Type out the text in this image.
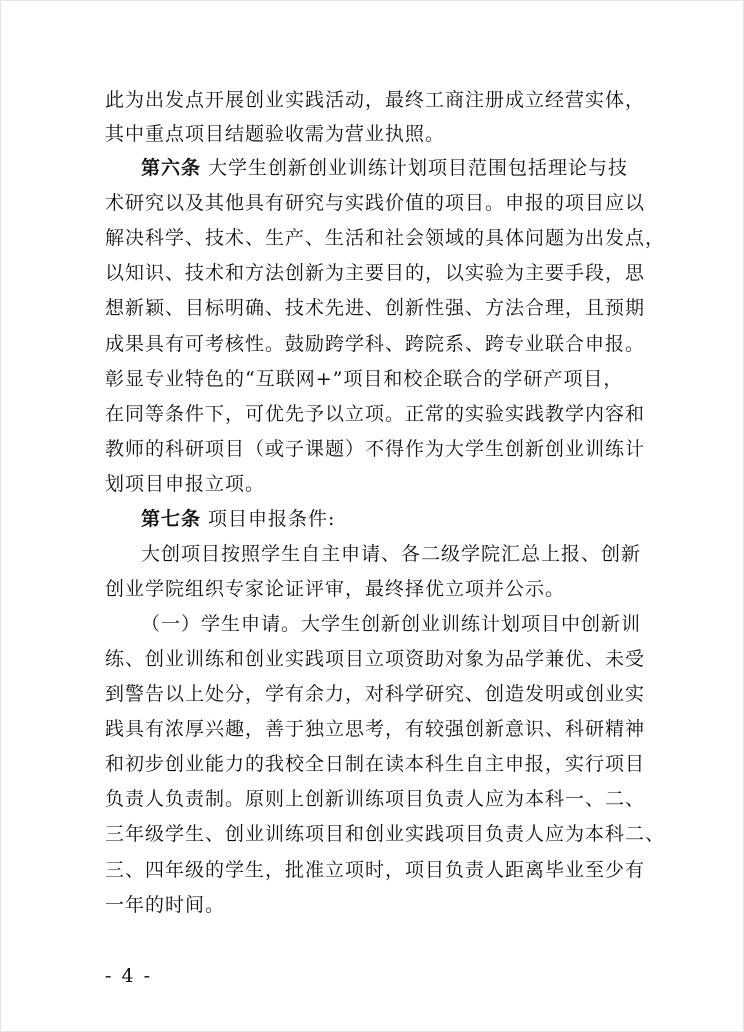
此为出发点开展创业实践活动，最终工商注册成立经营实体，
其中重点项目结题验收需为营业执照。
第六条 大学生创新创业训练计划项目范围包括理论与技
术研究以及其他具有研究与实践价值的项目。申报的项目应以
解决科学、技术、生产、生活和社会领域的具体问题为出发点，
以知识、技术和方法创新为主要目的，以实验为主要手段，思
想新颖、目标明确、技术先进、创新性强、方法合理，且预期
成果具有可考核性。鼓励跨学科、跨院系、跨专业联合申报。
彰显专业特色的“互联网+”项目和校企联合的学研产项目，
在同等条件下，可优先予以立项。正常的实验实践教学内容和
教师的科研项目（或子课题）不得作为大学生创新创业训练计
划项目申报立项。
第七条 项目申报条件:
大创项目按照学生自主申请、各二级学院汇总上报、创新
创业学院组织专家论证评审，最终择优立项并公示。
（一）学生申请。大学生创新创业训练计划项目中创新训
练、创业训练和创业实践项目立项资助对象为品学兼优、未受
到警告以上处分，学有余力，对科学研究、创造发明或创业实
践具有浓厚兴趣，善于独立思考，有较强创新意识、科研精神
和初步创业能力的我校全日制在读本科生自主申报，实行项目
负责人负责制。原则上创新训练项目负责人应为本科一、二、
三年级学生、创业训练项目和创业实践项目负责人应为本科二、
三、四年级的学生，批准立项时，项目负责人距离毕业至少有
一年的时间。
- 4 -
